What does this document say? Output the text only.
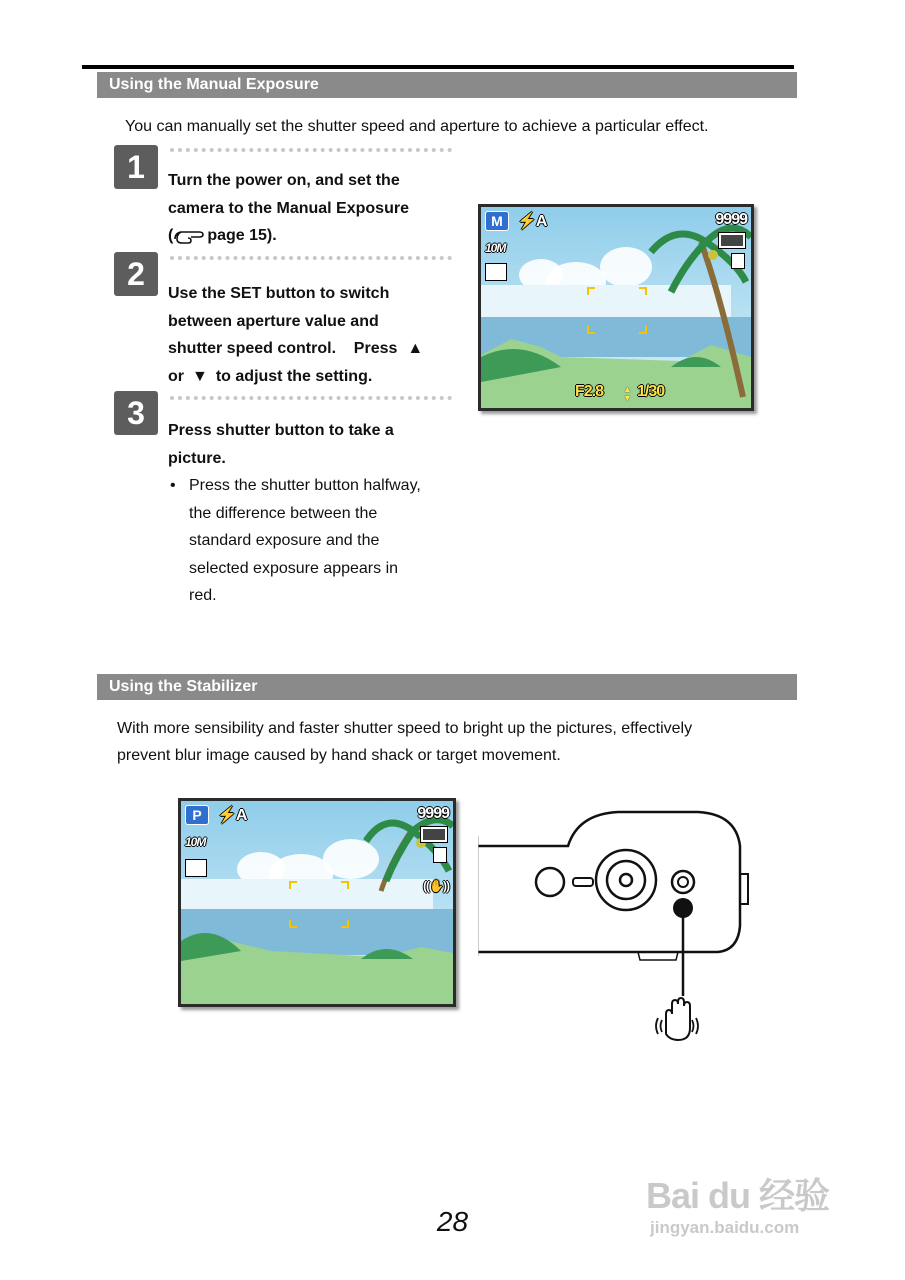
Using the Manual Exposure
You can manually set the shutter speed and aperture to achieve a particular effect.
1	Turn the power on, and set the
camera to the Manual Exposure
( page 15).
2
Use the SET button to switch
between aperture value and
shutter speed control.    Press ▲
or ▼ to adjust the setting.
3	Press shutter button to take a
picture.
• Press the shutter button halfway,
the difference between the
standard exposure and the
selected exposure appears in
red.
M ⚡A	9999
10M
F2.8 ▲
▼ 1/30
Using the Stabilizer
With more sensibility and faster shutter speed to bright up the pictures, effectively
prevent blur image caused by hand shack or target movement.
P ⚡A	9999
10M
((✋))
28
Bai du 经验
jingyan.baidu.com
